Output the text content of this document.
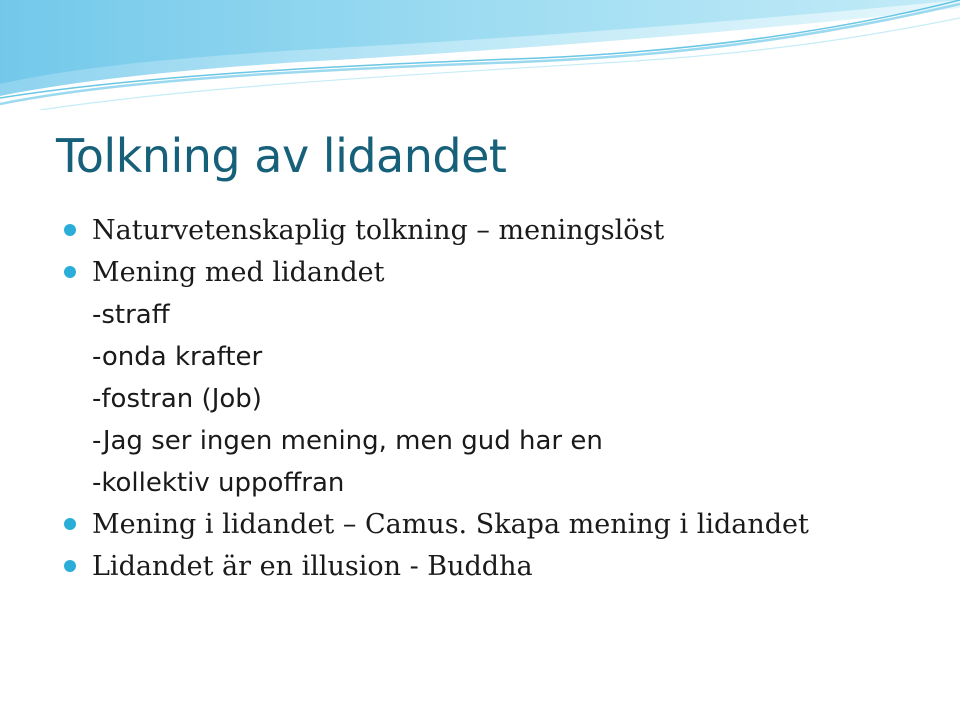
Tolkning av lidandet
Naturvetenskaplig tolkning – meningslöst
Mening med lidandet
-straff
-onda krafter
-fostran (Job)
-Jag ser ingen mening, men gud har en
-kollektiv uppoffran
Mening i lidandet – Camus. Skapa mening i lidandet
Lidandet är en illusion - Buddha
